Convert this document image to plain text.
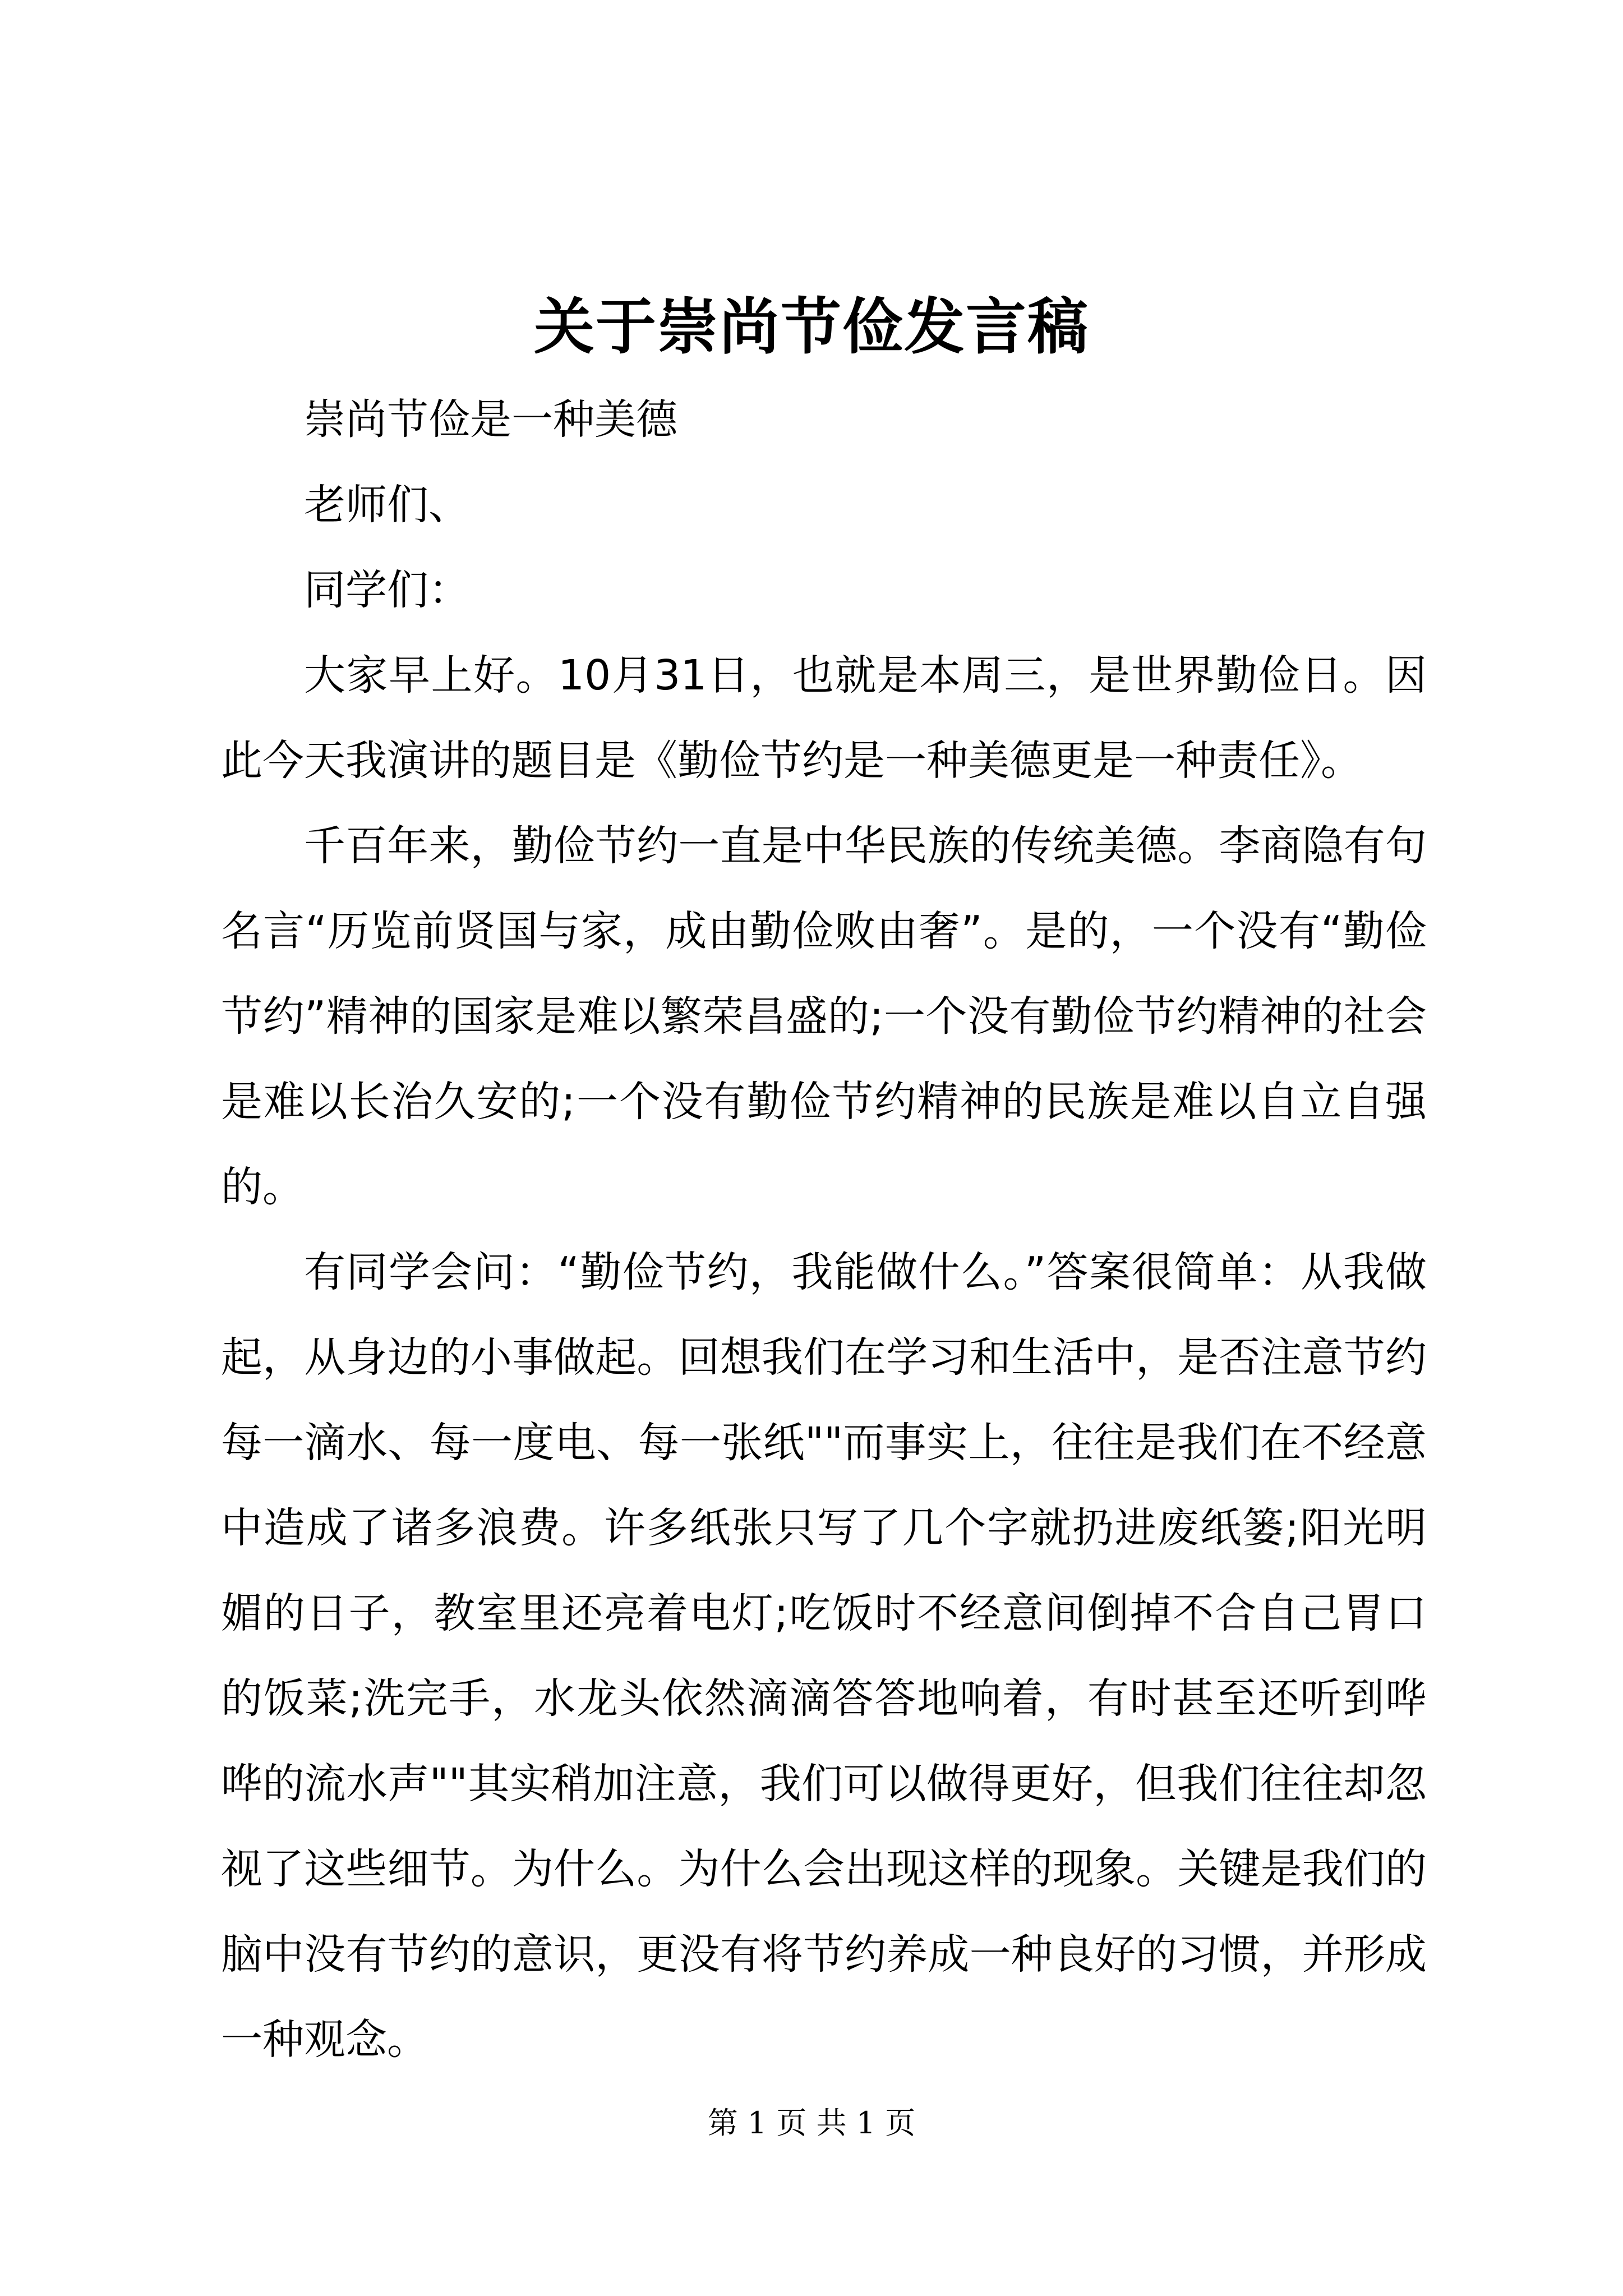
关于崇尚节俭发言稿

崇尚节俭是一种美德

老师们、

同学们：

大家早上好。10月31日，也就是本周三，是世界勤俭日。因此今天我演讲的题目是《勤俭节约是一种美德更是一种责任》。

千百年来，勤俭节约一直是中华民族的传统美德。李商隐有句名言“历览前贤国与家，成由勤俭败由奢”。是的，一个没有“勤俭节约”精神的国家是难以繁荣昌盛的;一个没有勤俭节约精神的社会是难以长治久安的;一个没有勤俭节约精神的民族是难以自立自强的。

有同学会问：“勤俭节约，我能做什么。”答案很简单：从我做起，从身边的小事做起。回想我们在学习和生活中，是否注意节约每一滴水、每一度电、每一张纸""而事实上，往往是我们在不经意中造成了诸多浪费。许多纸张只写了几个字就扔进废纸篓;阳光明媚的日子，教室里还亮着电灯;吃饭时不经意间倒掉不合自己胃口的饭菜;洗完手，水龙头依然滴滴答答地响着，有时甚至还听到哗哗的流水声""其实稍加注意，我们可以做得更好，但我们往往却忽视了这些细节。为什么。为什么会出现这样的现象。关键是我们的脑中没有节约的意识，更没有将节约养成一种良好的习惯，并形成一种观念。

第 1 页 共 1 页
